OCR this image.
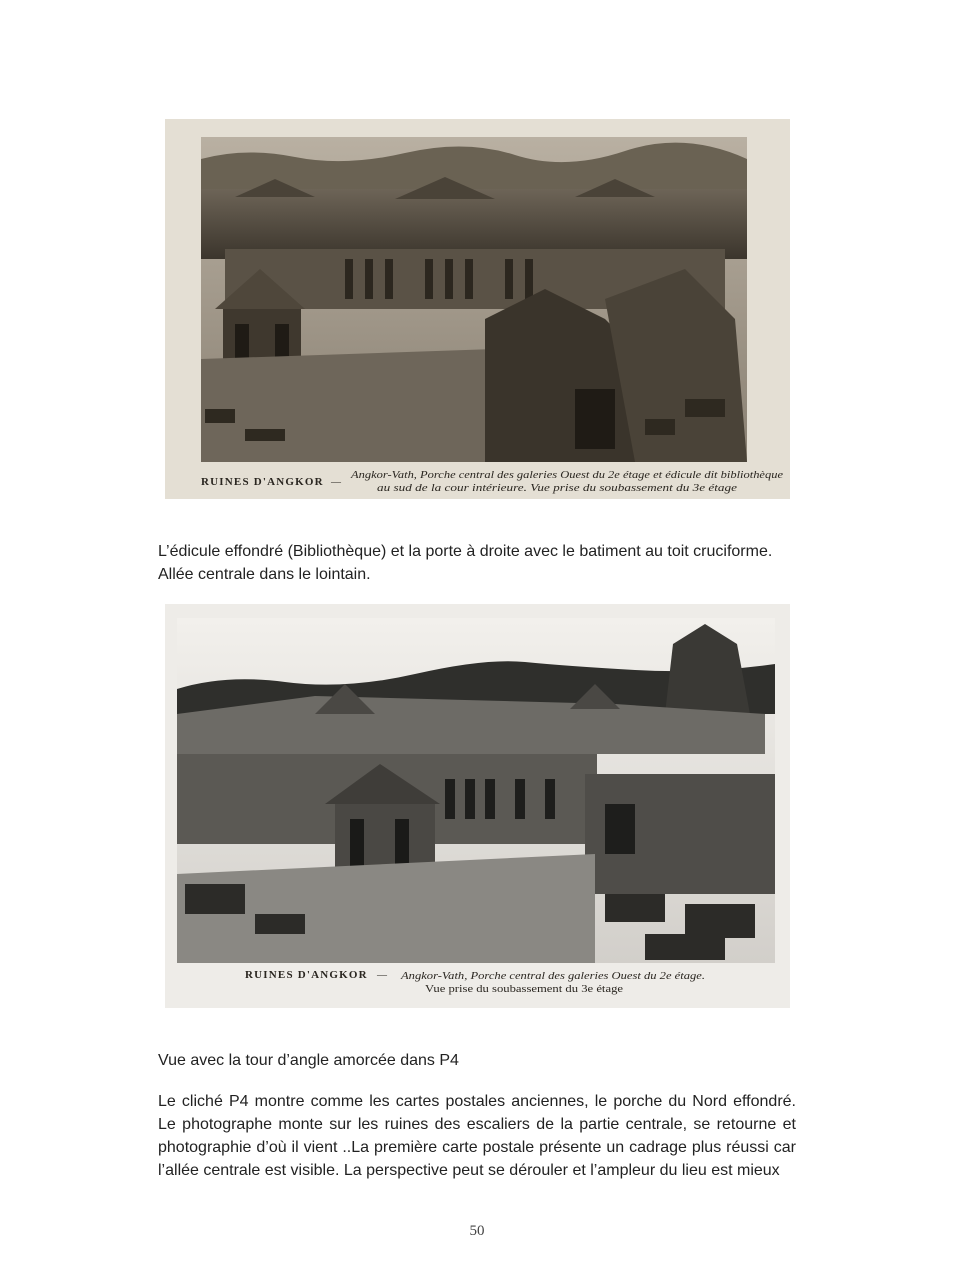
RUINES D'ANGKOR —
Angkor-Vath, Porche central des galeries Ouest du 2e étage et édicule dit bibliothèque
au sud de la cour intérieure. Vue prise du soubassement du 3e étage
L’édicule effondré (Bibliothèque) et la porte à droite avec le batiment au toit cruciforme. Allée centrale dans le lointain.
RUINES D'ANGKOR — Angkor-Vath, Porche central des galeries Ouest du 2e étage.
Vue prise du soubassement du 3e étage
Vue avec la tour d’angle amorcée dans P4
Le cliché P4 montre comme les cartes postales anciennes, le porche du Nord effondré. Le photographe monte sur les ruines des escaliers de la partie centrale, se retourne et photographie d’où il vient ..La première carte postale présente un cadrage plus réussi car l’allée centrale est visible. La perspective peut se dérouler et l’ampleur du lieu est mieux
50
